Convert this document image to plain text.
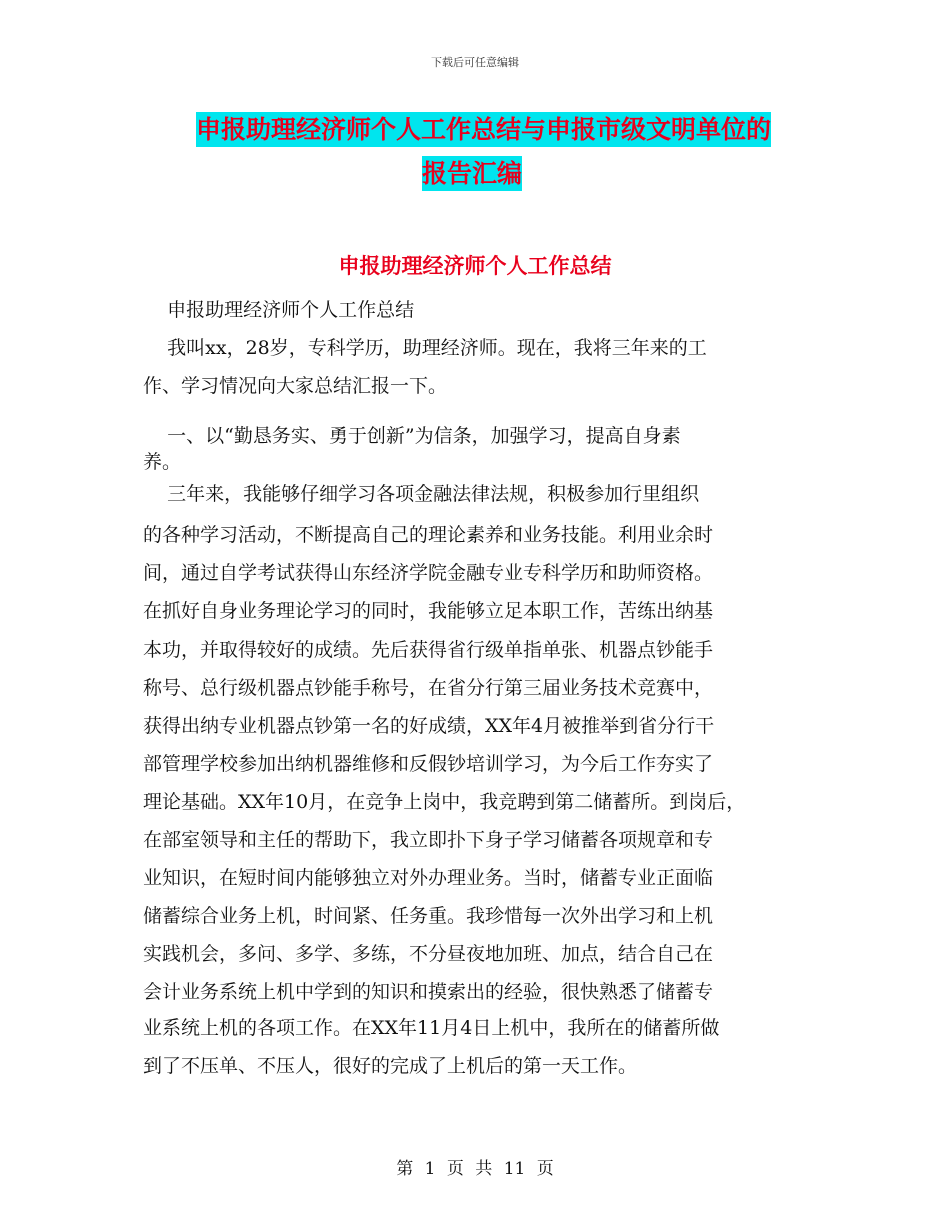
下载后可任意编辑
申报助理经济师个人工作总结与申报市级文明单位的
报告汇编
申报助理经济师个人工作总结
申报助理经济师个人工作总结
我叫xx，28岁，专科学历，助理经济师。现在，我将三年来的工
作、学习情况向大家总结汇报一下。
一、以“勤恳务实、勇于创新”为信条，加强学习，提高自身素
养。
三年来，我能够仔细学习各项金融法律法规，积极参加行里组织
的各种学习活动，不断提高自己的理论素养和业务技能。利用业余时
间，通过自学考试获得山东经济学院金融专业专科学历和助师资格。
在抓好自身业务理论学习的同时，我能够立足本职工作，苦练出纳基
本功，并取得较好的成绩。先后获得省行级单指单张、机器点钞能手
称号、总行级机器点钞能手称号，在省分行第三届业务技术竞赛中，
获得出纳专业机器点钞第一名的好成绩，XX年4月被推举到省分行干
部管理学校参加出纳机器维修和反假钞培训学习，为今后工作夯实了
理论基础。XX年10月，在竞争上岗中，我竞聘到第二储蓄所。到岗后，
在部室领导和主任的帮助下，我立即扑下身子学习储蓄各项规章和专
业知识，在短时间内能够独立对外办理业务。当时，储蓄专业正面临
储蓄综合业务上机，时间紧、任务重。我珍惜每一次外出学习和上机
实践机会，多问、多学、多练，不分昼夜地加班、加点，结合自己在
会计业务系统上机中学到的知识和摸索出的经验，很快熟悉了储蓄专
业系统上机的各项工作。在XX年11月4日上机中，我所在的储蓄所做
到了不压单、不压人，很好的完成了上机后的第一天工作。
第 1 页 共 11 页
